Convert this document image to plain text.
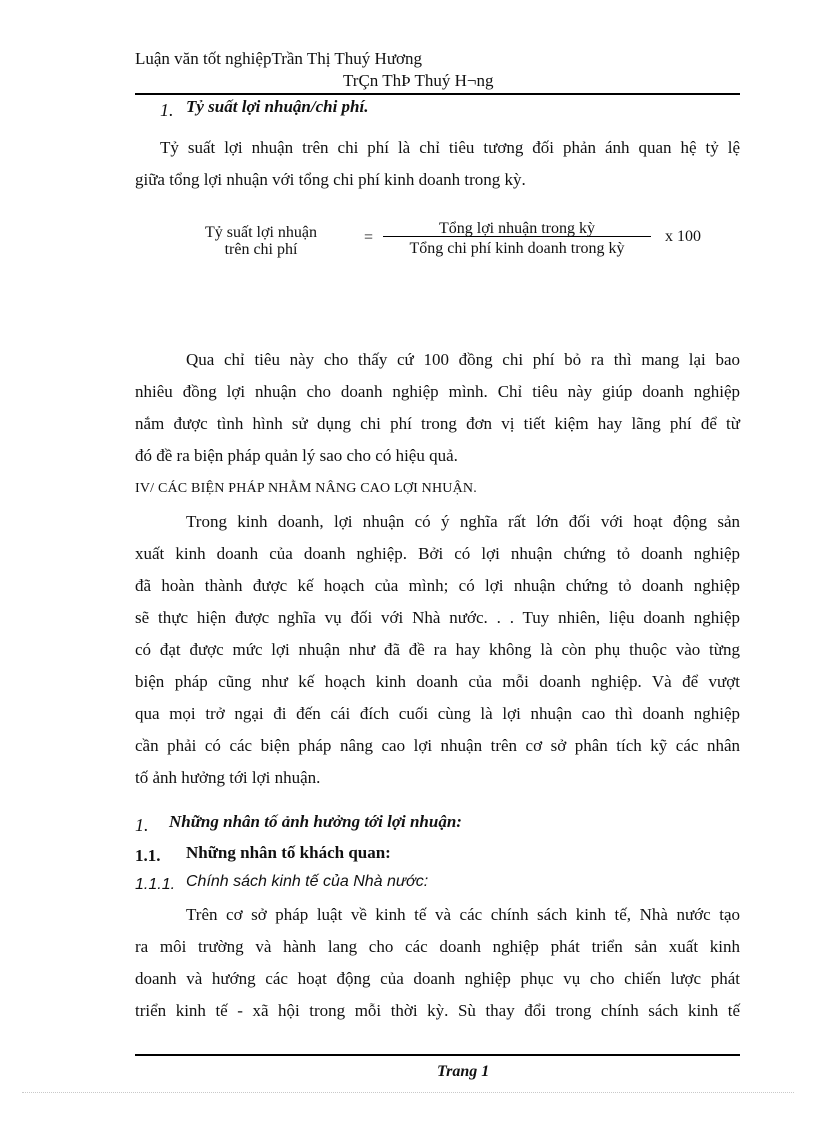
Luận văn tốt nghiệpTrần Thị Thuý Hương
TrÇn ThÞ Thuý H¬ng
1. Tỷ suất lợi nhuận/chi phí.
Tỷ suất lợi nhuận trên chi phí là chỉ tiêu tương đối phản ánh quan hệ tỷ lệ
giữa tổng lợi nhuận với tổng chi phí kinh doanh trong kỳ.
Tỷ suất lợi nhuận
trên chi phí
=
Tổng lợi nhuận trong kỳ
Tổng chi phí kinh doanh trong kỳ
x 100
Qua chỉ tiêu này cho thấy cứ 100 đồng chi phí bỏ ra thì mang lại bao
nhiêu đồng lợi nhuận cho doanh nghiệp mình. Chỉ tiêu này giúp doanh nghiệp
nắm được tình hình sử dụng chi phí trong đơn vị tiết kiệm hay lãng phí để từ
đó đề ra biện pháp quản lý sao cho có hiệu quả.
IV/ CÁC BIỆN PHÁP NHẰM NÂNG CAO LỢI NHUẬN.
Trong kinh doanh, lợi nhuận có ý nghĩa rất lớn đối với hoạt động sản
xuất kinh doanh của doanh nghiệp. Bởi có lợi nhuận chứng tỏ doanh nghiệp
đã hoàn thành được kế hoạch của mình; có lợi nhuận chứng tỏ doanh nghiệp
sẽ thực hiện được nghĩa vụ đối với Nhà nước. . . Tuy nhiên, liệu doanh nghiệp
có đạt được mức lợi nhuận như đã đề ra hay không là còn phụ thuộc vào từng
biện pháp cũng như kế hoạch kinh doanh của mỗi doanh nghiệp. Và để vượt
qua mọi trở ngại đi đến cái đích cuối cùng là lợi nhuận cao thì doanh nghiệp
cần phải có các biện pháp nâng cao lợi nhuận trên cơ sở phân tích kỹ các nhân
tố ảnh hưởng tới lợi nhuận.
1. Những nhân tố ảnh hưởng tới lợi nhuận:
1.1. Những nhân tố khách quan:
1.1.1. Chính sách kinh tế của Nhà nước:
Trên cơ sở pháp luật về kinh tế và các chính sách kinh tế, Nhà nước tạo
ra môi trường và hành lang cho các doanh nghiệp phát triển sản xuất kinh
doanh và hướng các hoạt động của doanh nghiệp phục vụ cho chiến lược phát
triển kinh tế - xã hội trong mỗi thời kỳ. Sù thay đổi trong chính sách kinh tế
Trang 1
